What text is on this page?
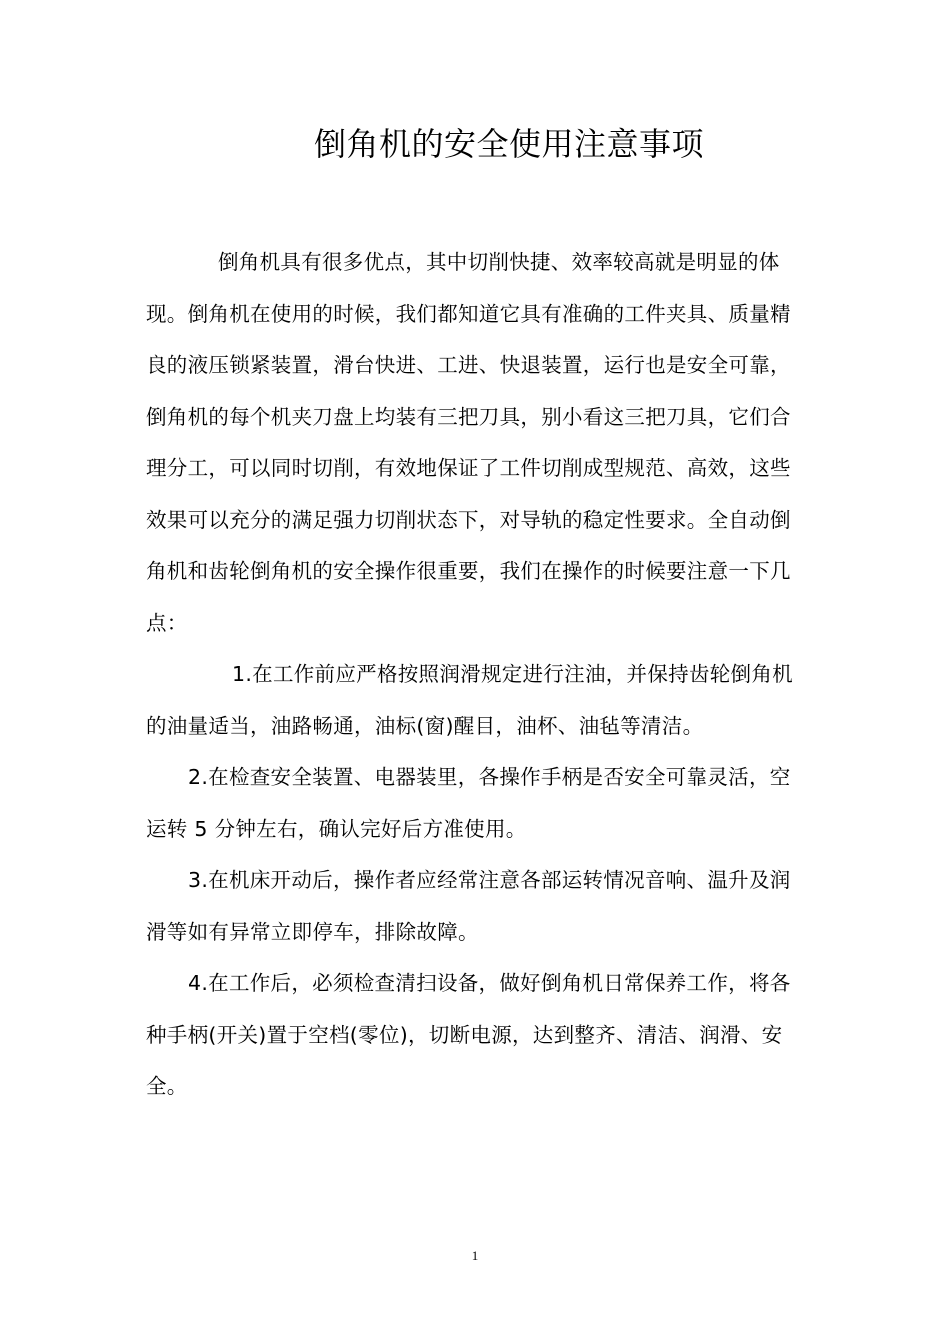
倒角机的安全使用注意事项

倒角机具有很多优点，其中切削快捷、效率较高就是明显的体现。倒角机在使用的时候，我们都知道它具有准确的工件夹具、质量精良的液压锁紧装置，滑台快进、工进、快退装置，运行也是安全可靠，倒角机的每个机夹刀盘上均装有三把刀具，别小看这三把刀具，它们合理分工，可以同时切削，有效地保证了工件切削成型规范、高效，这些效果可以充分的满足强力切削状态下，对导轨的稳定性要求。全自动倒角机和齿轮倒角机的安全操作很重要，我们在操作的时候要注意一下几点：

1.在工作前应严格按照润滑规定进行注油，并保持齿轮倒角机的油量适当，油路畅通，油标(窗)醒目，油杯、油毡等清洁。

2.在检查安全装置、电器装里，各操作手柄是否安全可靠灵活，空运转 5 分钟左右，确认完好后方准使用。

3.在机床开动后，操作者应经常注意各部运转情况音响、温升及润滑等如有异常立即停车，排除故障。

4.在工作后，必须检查清扫设备，做好倒角机日常保养工作，将各种手柄(开关)置于空档(零位)，切断电源，达到整齐、清洁、润滑、安全。

1
